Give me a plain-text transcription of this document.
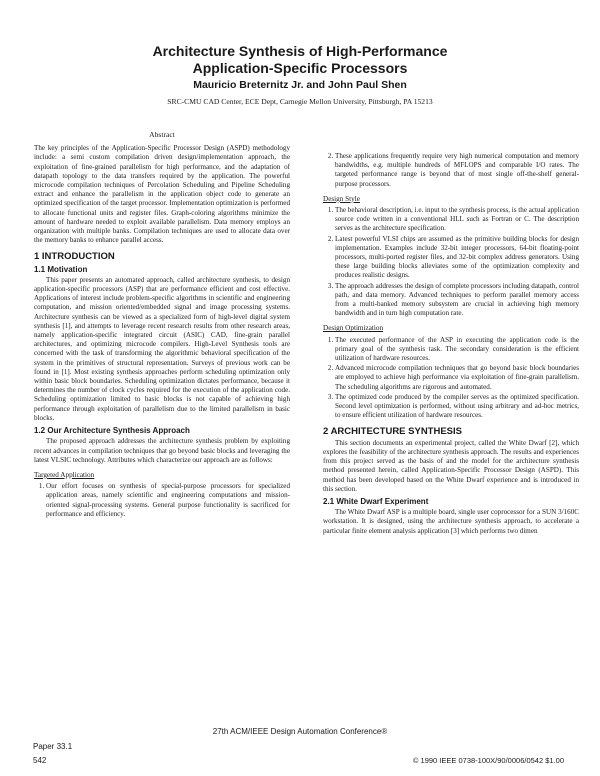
Architecture Synthesis of High-Performance
Application-Specific Processors
Mauricio Breternitz Jr. and John Paul Shen
SRC-CMU CAD Center, ECE Dept, Carnegie Mellon University, Pittsburgh, PA 15213
Abstract

The key principles of the Application-Specific Processor Design (ASPD) methodology include: a semi custom compilation driven design/implementation approach, the exploitation of fine-grained parallelism for high performance, and the adaptation of datapath topology to the data transfers required by the application. The powerful microcode compilation techniques of Percolation Scheduling and Pipeline Scheduling extract and enhance the parallelism in the application object code to generate an optimized specification of the target processor. Implementation optimization is performed to allocate functional units and register files. Graph-coloring algorithms minimize the amount of hardware needed to exploit available parallelism. Data memory employs an organization with multiple banks. Compilation techniques are used to allocate data over the memory banks to enhance parallel access.

1 INTRODUCTION
1.1 Motivation

This paper presents an automated approach, called architecture synthesis, to design application-specific processors (ASP) that are performance efficient and cost effective. Applications of interest include problem-specific algorithms in scientific and engineering computation, and mission oriented/embedded signal and image processing systems. Architecture synthesis can be viewed as a specialized form of high-level digital system synthesis [1], and attempts to leverage recent research results from other research areas, namely application-specific integrated circuit (ASIC) CAD, fine-grain parallel architectures, and optimizing microcode compilers. High-Level Synthesis tools are concerned with the task of transforming the algorithmic behavioral specification of the system in the primitives of structural representation. Surveys of previous work can be found in [1]. Most existing synthesis approaches perform scheduling optimization only within basic block boundaries. Scheduling optimization dictates performance, because it determines the number of clock cycles required for the execution of the application code. Scheduling optimization limited to basic blocks is not capable of achieving high performance through exploitation of parallelism due to the limited parallelism in basic blocks.

1.2 Our Architecture Synthesis Approach

The proposed approach addresses the architecture synthesis problem by exploiting recent advances in compilation techniques that go beyond basic blocks and leveraging the latest VLSIC technology. Attributes which characterize our approach are as follows:

Targeted Application
1. Our effort focuses on synthesis of special-purpose processors for specialized application areas, namely scientific and engineering computations and mission-oriented signal-processing systems. General purpose functionality is sacrificed for performance and efficiency.
2. These applications frequently require very high numerical computation and memory bandwidths, e.g. multiple hundreds of MFLOPS and comparable I/O rates. The targeted performance range is beyond that of most single off-the-shelf general-purpose processors.
Design Style
1. The behavioral description, i.e. input to the synthesis process, is the actual application source code written in a conventional HLL such as Fortran or C. The description serves as the architecture specification.
2. Latest powerful VLSI chips are assumed as the primitive building blocks for design implementation. Examples include 32-bit integer processors, 64-bit floating-point processors, multi-ported register files, and 32-bit complex address generators. Using these large building blocks alleviates some of the optimization complexity and produces realistic designs.
3. The approach addresses the design of complete processors including datapath, control path, and data memory. Advanced techniques to perform parallel memory access from a multi-banked memory subsystem are crucial in achieving high memory bandwidth and in turn high computation rate.
Design Optimization
1. The executed performance of the ASP in executing the application code is the primary goal of the synthesis task. The secondary consideration is the efficient utilization of hardware resources.
2. Advanced microcode compilation techniques that go beyond basic block boundaries are employed to achieve high performance via exploitation of fine-grain parallelism. The scheduling algorithms are rigorous and automated.
3. The optimized code produced by the compiler serves as the optimized specification. Second level optimization is performed, without using arbitrary and ad-hoc metrics, to ensure efficient utilization of hardware resources.
2 ARCHITECTURE SYNTHESIS

This section documents an experimental project, called the White Dwarf [2], which explores the feasibility of the architecture synthesis approach. The results and experiences from this project served as the basis of and the model for the architecture synthesis method presented herein, called Application-Specific Processor Design (ASPD). This method has been developed based on the White Dwarf experience and is introduced in this section.

2.1 White Dwarf Experiment

The White Dwarf ASP is a multiple board, single user coprocessor for a SUN 3/160C workstation. It is designed, using the architecture synthesis approach, to accelerate a particular finite element analysis application [3] which performs two dimen

27th ACM/IEEE Design Automation Conference®
Paper 33.1
542	© 1990 IEEE 0738-100X/90/0006/0542 $1.00
